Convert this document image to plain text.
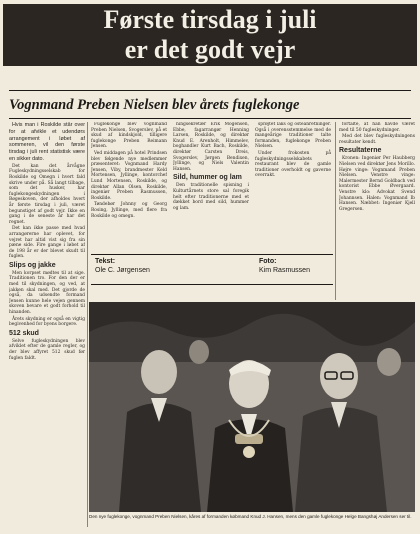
Første tirsdag i juli
er det godt vejr
Vognmand Preben Nielsen blev årets fuglekonge

Hvis man i Roskilde står over for at afvikle et udendørs arrangement i løbet af sommeren, vil den første tirsdag i juli rent statistisk være en sikker dato.

Det kan det årvågne Fugleskydningsselskab for Roskilde og Omegn i hvert fald skrive under på. Så langt tilbage, som det husker, har fuglekongeskydningen i Bøgeskoven, der afholdes hvert år første tirsdag i juli, været begunstiget af godt vejr. Ikke en gang i de seneste år har det regnet.

Det kan ikke passe med hvad arrangørerne har oplevet, for vejret har altid vist sig fra sin pæne side. Fire gange i løbet af de 198 år er der blevet skudt til fuglen.

Slips og jakke

Men korpset mødtes til at sige. Traditionen tro. For den der er med til skydningen, og ved, at jakken skal med. Det gjorde de også, da udsendte formand Jensen kunne hele vejen gennem skoven bevare et godt forhold til hinanden.

Årets skydning er også en vigtig begivenhed for byens borgere.

512 skud

Selve fugleskydningen blev afviklet efter de gamle regler, og der blev affyret 512 skud før fuglen faldt.

Fuglekonge blev vognmand Preben Nielsen, Svogerslev, på et skud af kindskjold, tilligere fuglekonge Preben Reimann Jensen.

Ved middagen på hotel Prindsen blev følgende nye medlemmer præsenteret: Vognmand Hardy Jensen, Viby, brandmester Keld Mortensen, Jyllinge, kontorchef Lund Mortensen, Roskilde, og direktør Allan Olsen, Roskilde, ingeniør Preben Rasmussen, Roskilde.

Tøndebør Johnny og Georg Rosing, Jyllinge, med flere fra Roskilde og omegn.

ningsekretær Erik Mogensen, Ebbe, fagarrangør Henning Larsen, Roskilde, og direktør Knud E. Arenholt, Himmelev, boghandler Kurt Bach, Roskilde, direktør Carsten Dreis, Svogerslev, Jørgen Bendixen, Jyllinge, og Niels Valentin Hansen.

Sild, hummer og lam

Den traditionelle spisning i Kulturtårnets store sal foregik helt efter traditionerne med et dækket bord med sild, hummer og lam.

sprøjtet laks og osteanretninger. Også i overensstemmelse med de mangeårige traditioner talte formanden, fuglekonge Preben Nielsen.

Under frokosten på fugleskydningsselskabets restaurant blev de gamle traditioner overholdt og gaverne overrakt.

fortalte, at han havde været med til 50 fugleskydninger.

Med det blev fugleskydningens resultater kendt.

Resultaterne

Kronen: Ingeniør Per Haubberg Nielsen ved direktør Jens Morillo. Højre vinge: Vognmand Preben Nielsen. Venstre vinge: Malermester Bernd Goldbach ved kontorist Ebbe Øvergaard. Venstre klo: Advokat Svend Johannsen. Halen: Vognmand Ib Hansen. Næbbet: Ingeniør Kjell Gregersen.

Tekst:
Ole C. Jørgensen
Foto:
Kim Rasmussen
Den nye fuglekonge, vognmand Preben Nielsen, kåres af formanden købmand Knud J. Hansen, mens den gamle fuglekonge Helge Bangshøj Andersen ser til.
